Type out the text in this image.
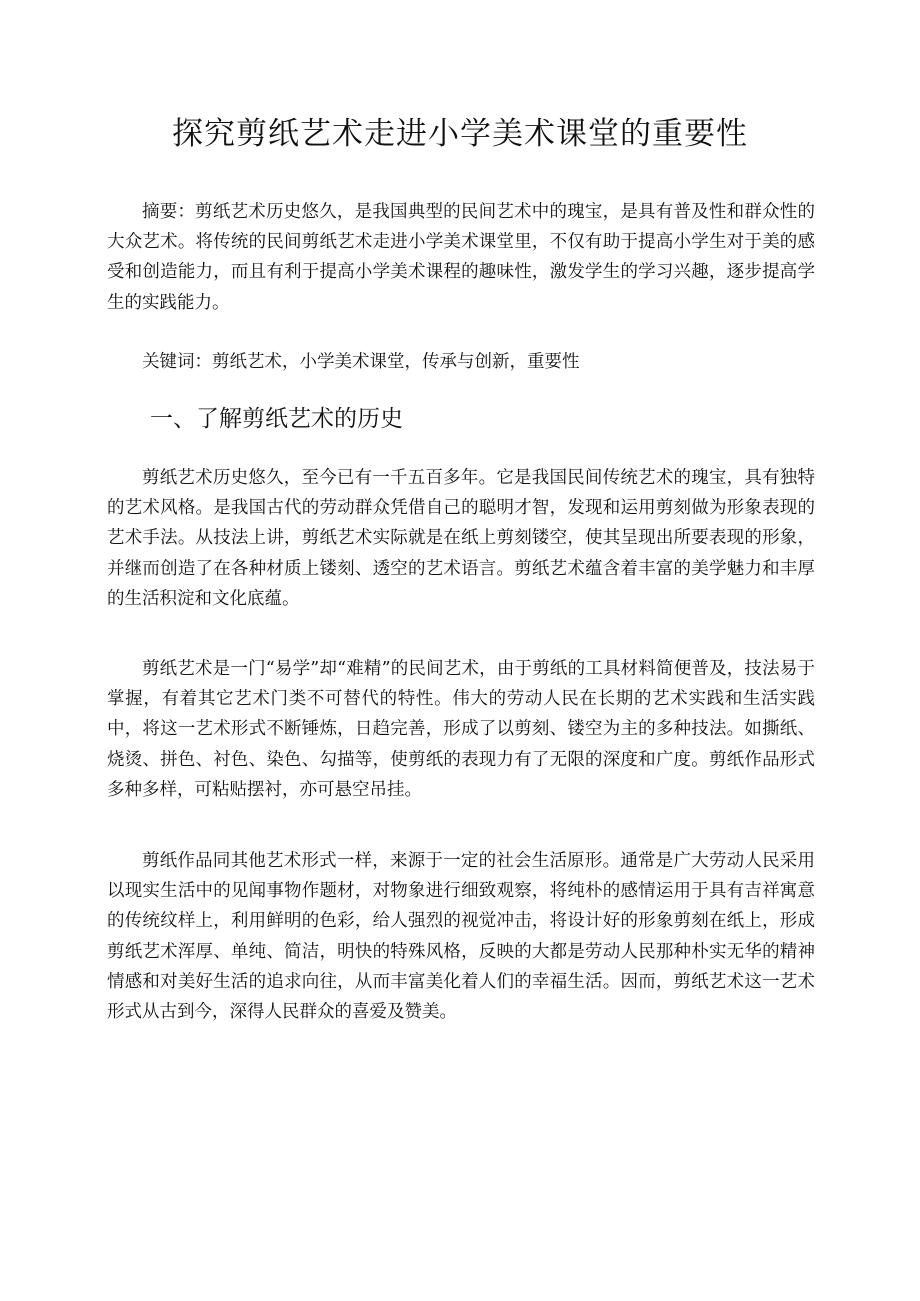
探究剪纸艺术走进小学美术课堂的重要性

摘要：剪纸艺术历史悠久，是我国典型的民间艺术中的瑰宝，是具有普及性和群众性的大众艺术。将传统的民间剪纸艺术走进小学美术课堂里，不仅有助于提高小学生对于美的感受和创造能力，而且有利于提高小学美术课程的趣味性，激发学生的学习兴趣，逐步提高学生的实践能力。

关键词：剪纸艺术，小学美术课堂，传承与创新，重要性

一、了解剪纸艺术的历史

剪纸艺术历史悠久，至今已有一千五百多年。它是我国民间传统艺术的瑰宝，具有独特的艺术风格。是我国古代的劳动群众凭借自己的聪明才智，发现和运用剪刻做为形象表现的艺术手法。从技法上讲，剪纸艺术实际就是在纸上剪刻镂空，使其呈现出所要表现的形象，并继而创造了在各种材质上镂刻、透空的艺术语言。剪纸艺术蕴含着丰富的美学魅力和丰厚的生活积淀和文化底蕴。

剪纸艺术是一门“易学”却“难精”的民间艺术，由于剪纸的工具材料简便普及，技法易于掌握，有着其它艺术门类不可替代的特性。伟大的劳动人民在长期的艺术实践和生活实践中，将这一艺术形式不断锤炼，日趋完善，形成了以剪刻、镂空为主的多种技法。如撕纸、烧烫、拼色、衬色、染色、勾描等，使剪纸的表现力有了无限的深度和广度。剪纸作品形式多种多样，可粘贴摆衬，亦可悬空吊挂。

剪纸作品同其他艺术形式一样，来源于一定的社会生活原形。通常是广大劳动人民采用以现实生活中的见闻事物作题材，对物象进行细致观察，将纯朴的感情运用于具有吉祥寓意的传统纹样上，利用鲜明的色彩，给人强烈的视觉冲击，将设计好的形象剪刻在纸上，形成剪纸艺术浑厚、单纯、简洁，明快的特殊风格，反映的大都是劳动人民那种朴实无华的精神情感和对美好生活的追求向往，从而丰富美化着人们的幸福生活。因而，剪纸艺术这一艺术形式从古到今，深得人民群众的喜爱及赞美。
